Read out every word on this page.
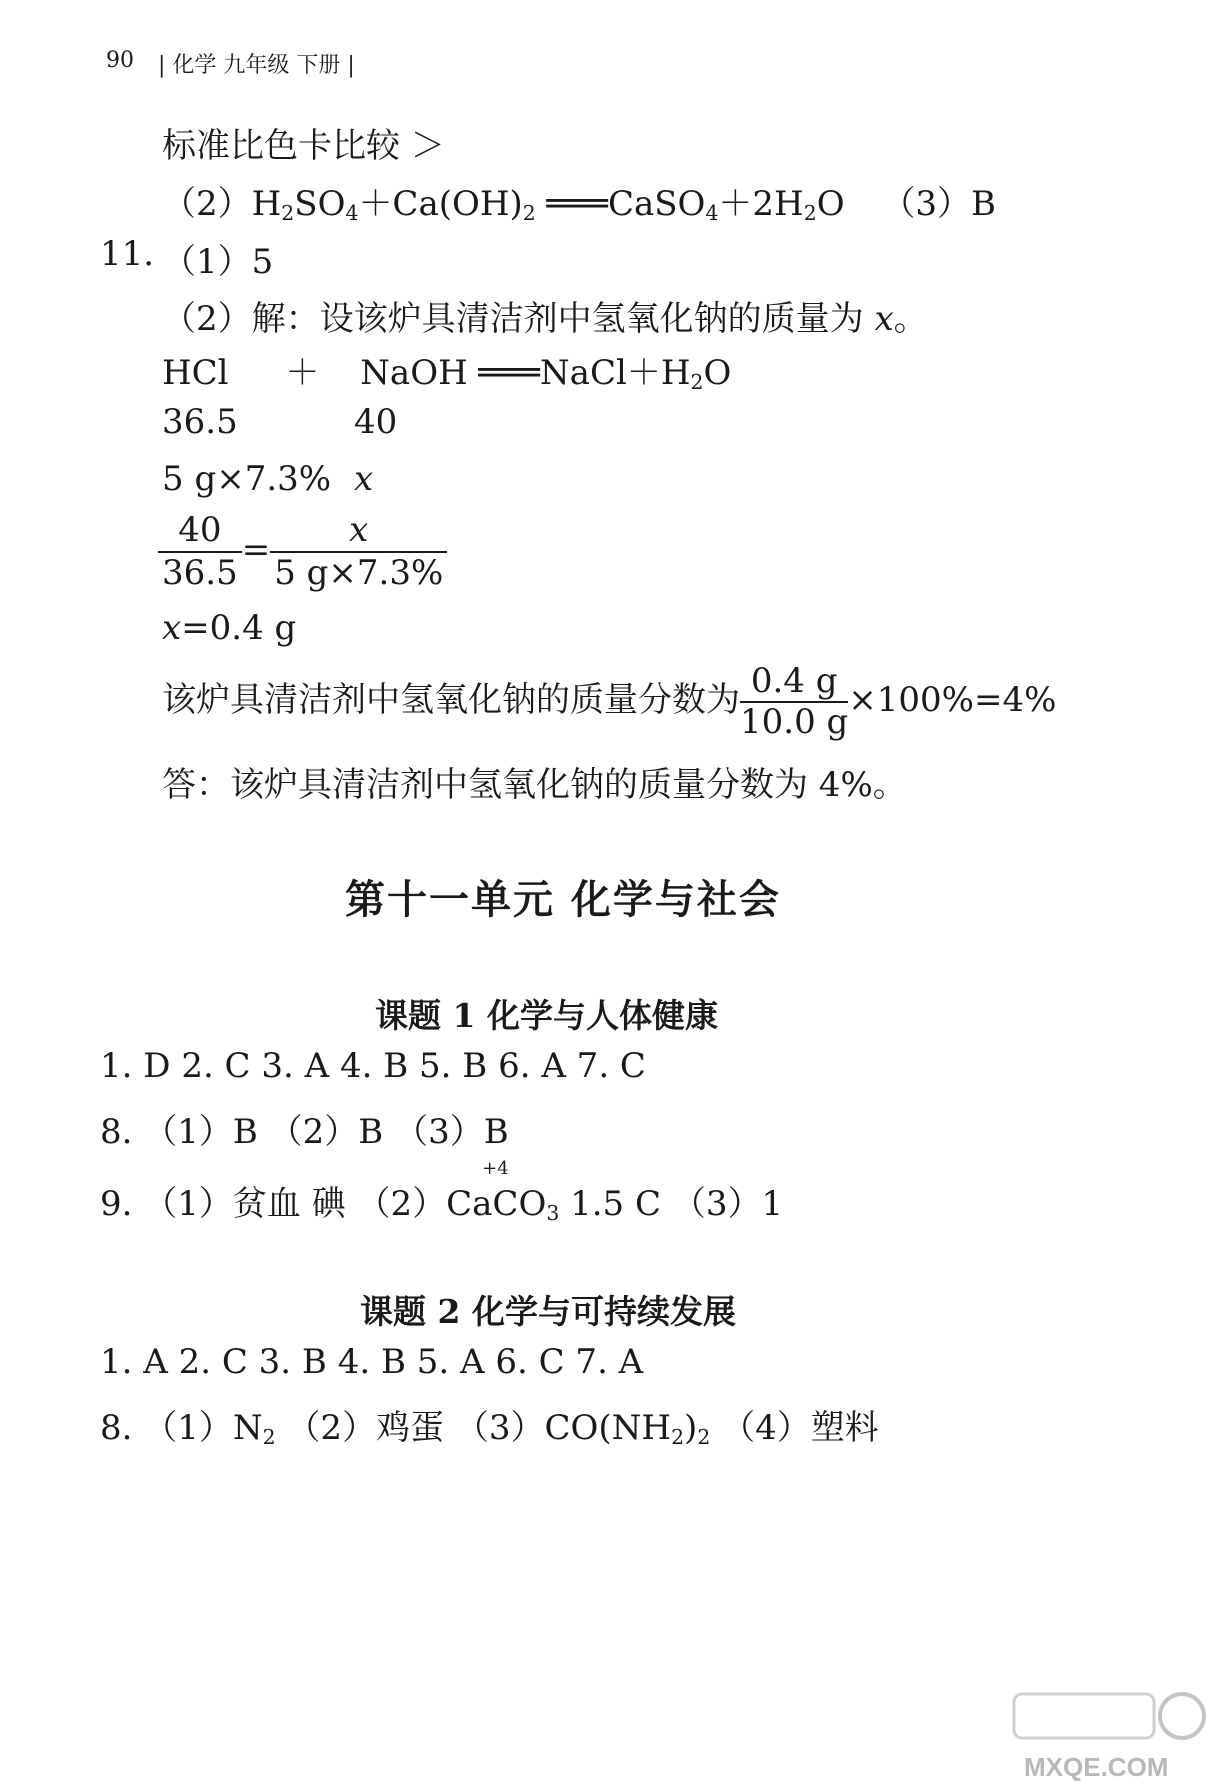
90 | 化学 九年级 下册 |
标准比色卡比较 ＞
$(2)H_2SO_4+Ca(OH)_2$ $═══CaSO_4+2H_2O$ （3）B
11. （1）5
（2）解：设该炉具清洁剂中氢氧化钠的质量为 x。
HCl ＋ NaOH $═══NaCl+H_2O$
36.5	40
5 g×7.3% x
$\frac{40}{36.5} = \frac{x}{5 g\times 7.3\%}$
x=0.4 g
该炉具清洁剂中氢氧化钠的质量分数为 $\frac{0.4 g}{10.0 g} \times 100\%=4\%$
答：该炉具清洁剂中氢氧化钠的质量分数为 4%。
第十一单元 化学与社会
课题 1 化学与人体健康
1. D 2. C 3. A 4. B 5. B 6. A 7. C
8. （1）B （2）B （3）B
9. （1）贫血 碘 （2）
+4
CaCO$_3$ 1.5 C （3）1
课题 2 化学与可持续发展
1. A 2. C 3. B 4. B 5. A 6. C 7. A
8. $(1)N_2$ （2）鸡蛋 $(3)CO(NH_2)_2$ （4）塑料
MXQE.COM
